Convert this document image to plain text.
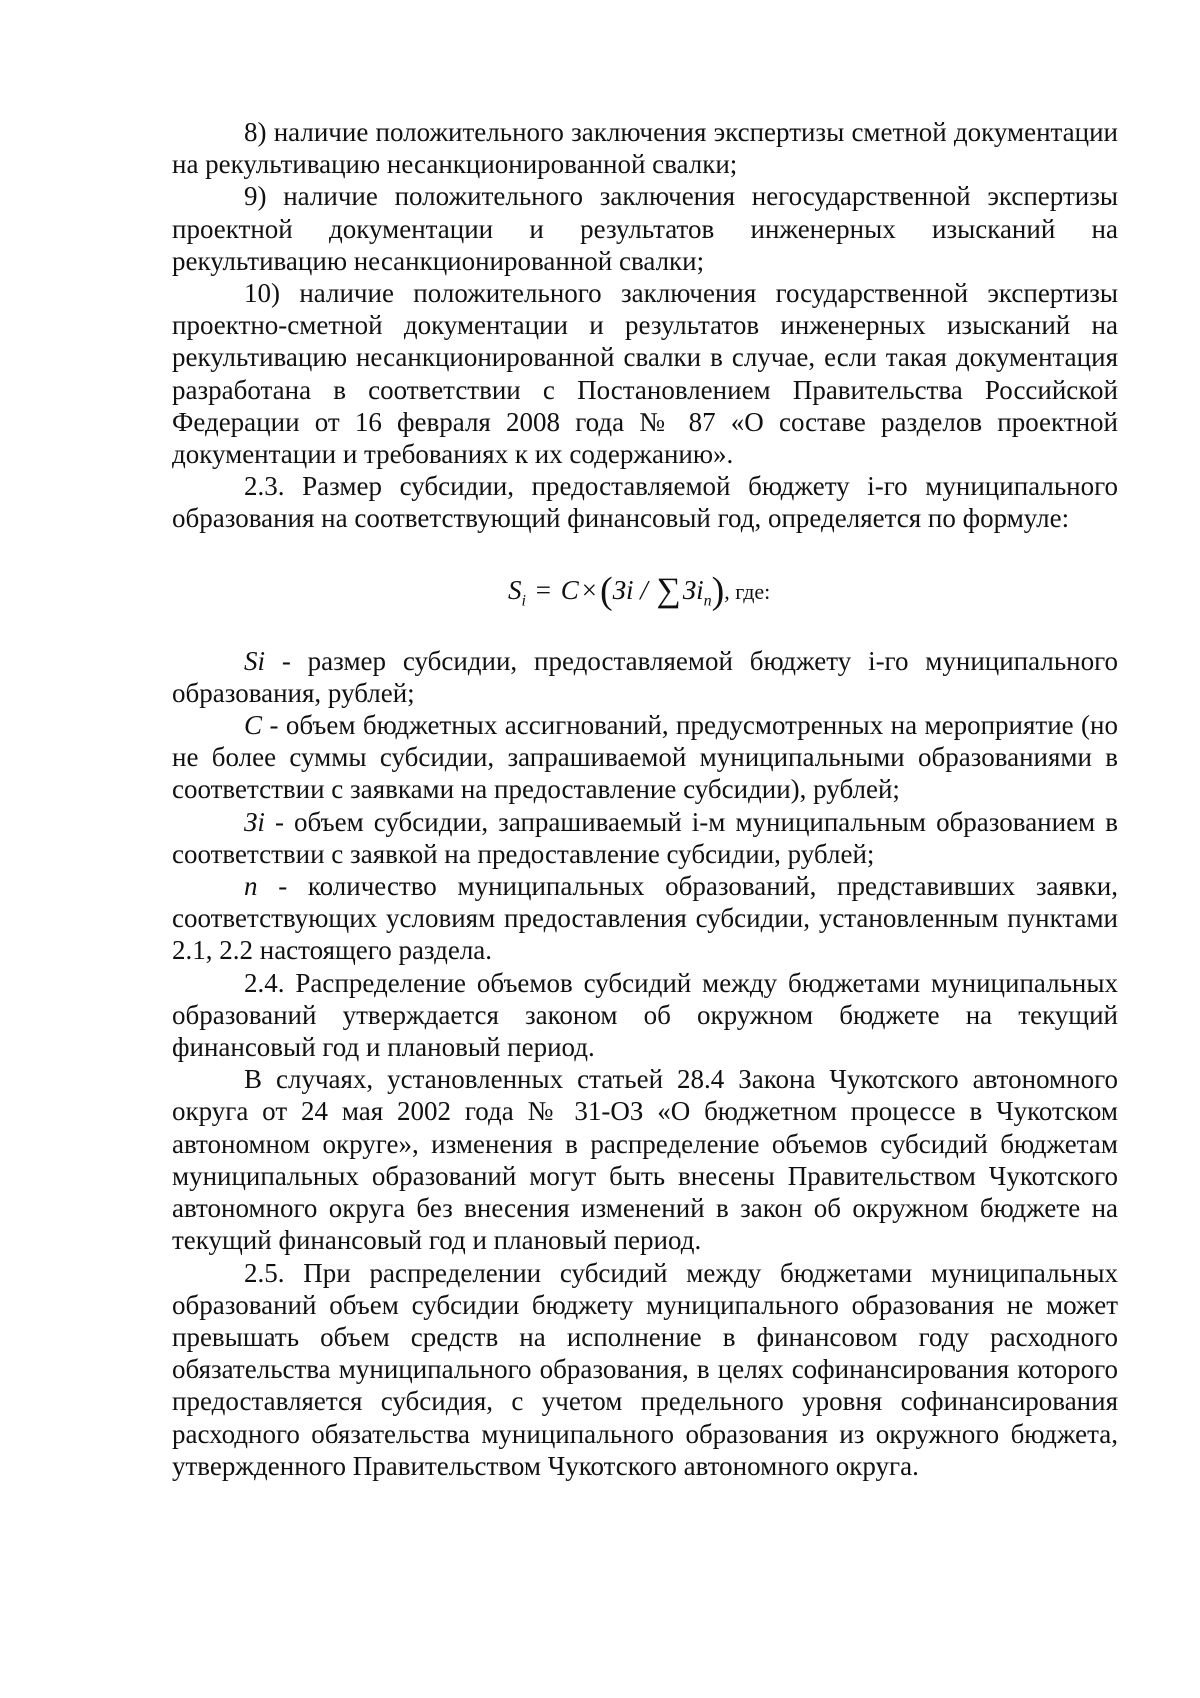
8) наличие положительного заключения экспертизы сметной документации на рекультивацию несанкционированной свалки;

9) наличие положительного заключения негосударственной экспертизы проектной документации и результатов инженерных изысканий на рекультивацию несанкционированной свалки;

10) наличие положительного заключения государственной экспертизы проектно-сметной документации и результатов инженерных изысканий на рекультивацию несанкционированной свалки в случае, если такая документация разработана в соответствии с Постановлением Правительства Российской Федерации от 16 февраля 2008 года № 87 «О составе разделов проектной документации и требованиях к их содержанию».

2.3. Размер субсидии, предоставляемой бюджету i-го муниципального образования на соответствующий финансовый год, определяется по формуле:

$S_i = C \times(Зi / \sum Зi_n)$, где:

Si - размер субсидии, предоставляемой бюджету i-го муниципального образования, рублей;

C - объем бюджетных ассигнований, предусмотренных на мероприятие (но не более суммы субсидии, запрашиваемой муниципальными образованиями в соответствии с заявками на предоставление субсидии), рублей;

Зi - объем субсидии, запрашиваемый i-м муниципальным образованием в соответствии с заявкой на предоставление субсидии, рублей;

n - количество муниципальных образований, представивших заявки, соответствующих условиям предоставления субсидии, установленным пунктами 2.1, 2.2 настоящего раздела.

2.4. Распределение объемов субсидий между бюджетами муниципальных образований утверждается законом об окружном бюджете на текущий финансовый год и плановый период.

В случаях, установленных статьей 28.4 Закона Чукотского автономного округа от 24 мая 2002 года № 31-ОЗ «О бюджетном процессе в Чукотском автономном округе», изменения в распределение объемов субсидий бюджетам муниципальных образований могут быть внесены Правительством Чукотского автономного округа без внесения изменений в закон об окружном бюджете на текущий финансовый год и плановый период.

2.5. При распределении субсидий между бюджетами муниципальных образований объем субсидии бюджету муниципального образования не может превышать объем средств на исполнение в финансовом году расходного обязательства муниципального образования, в целях софинансирования которого предоставляется субсидия, с учетом предельного уровня софинансирования расходного обязательства муниципального образования из окружного бюджета, утвержденного Правительством Чукотского автономного округа.
